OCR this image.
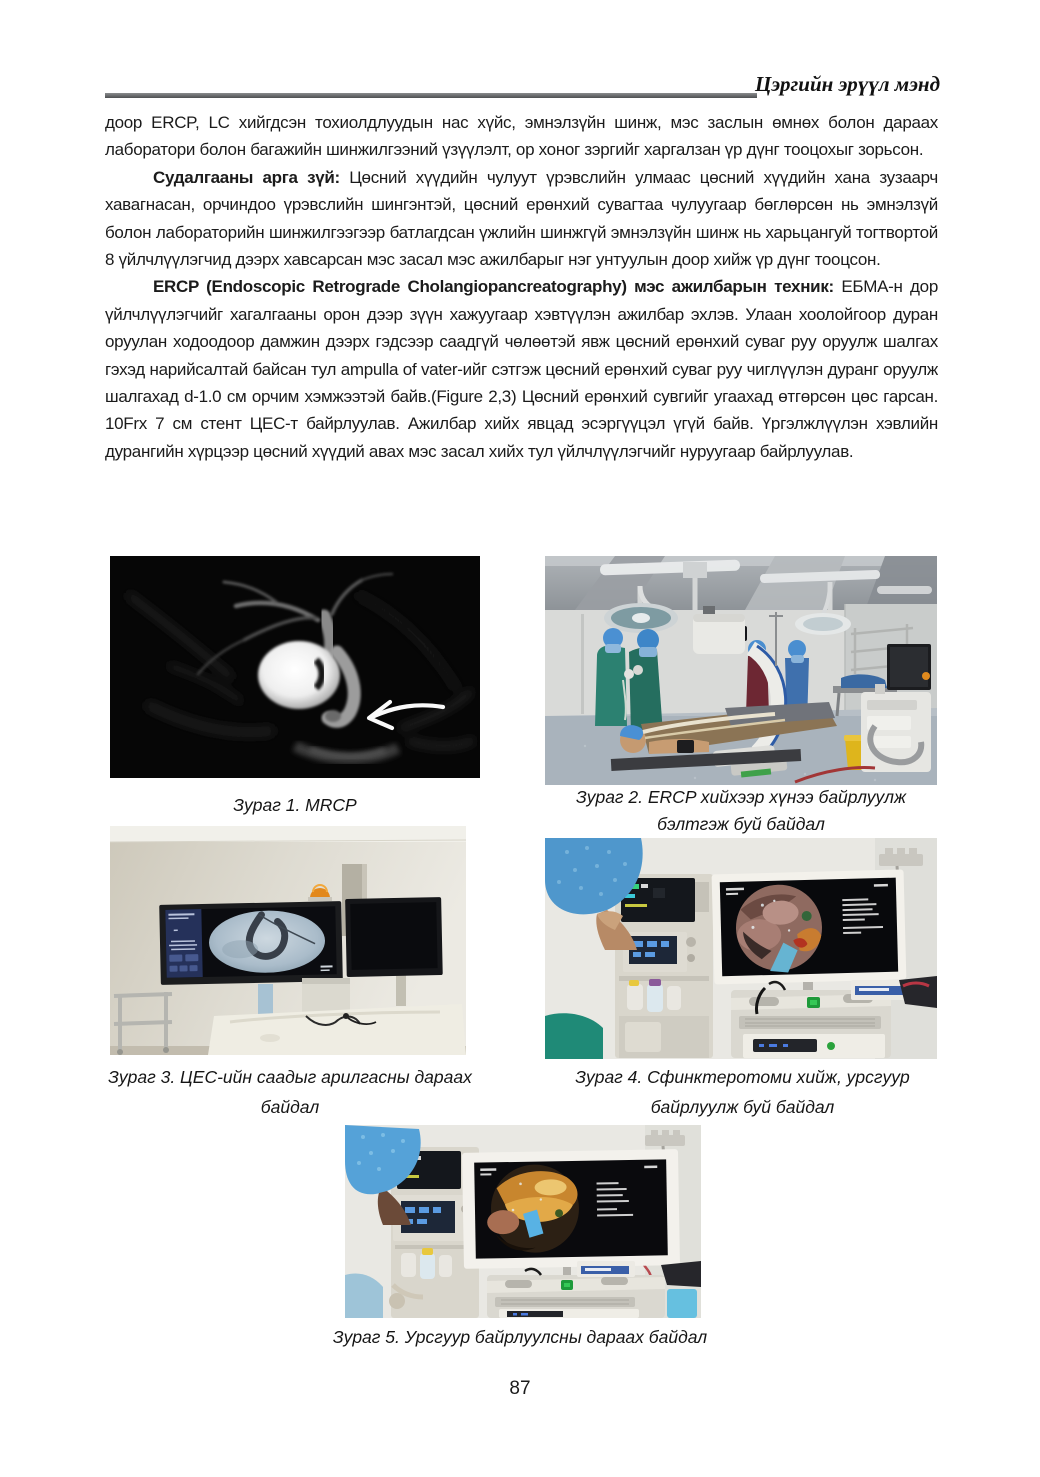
Цэргийн эрүүл мэнд

доор ERCP, LC хийгдсэн тохиолдлуудын нас хүйс, эмнэлзүйн шинж, мэс заслын өмнөх болон дараах лаборатори болон багажийн шинжилгээний үзүүлэлт, ор хоног зэргийг харгалзан үр дүнг тооцохыг зорьсон.

Судалгааны арга зүй: Цөсний хүүдийн чулуут үрэвслийн улмаас цөсний хүүдийн хана зузаарч хавагнасан, орчиндоо үрэвслийн шингэнтэй, цөсний ерөнхий сувагтаа чулуугаар бөглөрсөн нь эмнэлзүй болон лабораторийн шинжилгээгээр батлагдсан үжлийн шинжгүй эмнэлзүйн шинж нь харьцангуй тогтвортой 8 үйлчлүүлэгчид дээрх хавсарсан мэс засал мэс ажилбарыг нэг унтуулын доор хийж үр дүнг тооцсон.

ERCP (Endoscopic Retrograde Cholangiopancreatography) мэс ажилбарын техник: ЕБМА-н дор үйлчлүүлэгчийг хагалгааны орон дээр зүүн хажуугаар хэвтүүлэн ажилбар эхлэв. Улаан хоолойгоор дуран оруулан ходоодоор дамжин дээрх гэдсээр саадгүй чөлөөтэй явж цөсний ерөнхий суваг руу оруулж шалгах гэхэд нарийсалтай байсан тул ampulla of vater-ийг сэтгэж цөсний ерөнхий суваг руу чиглүүлэн дуранг оруулж шалгахад d-1.0 см орчим хэмжээтэй байв.(Figure 2,3) Цөсний ерөнхий сувгийг угаахад өтгөрсөн цөс гарсан. 10Frx 7 см стент ЦЕС-т байрлуулав. Ажилбар хийх явцад эсэргүүцэл үгүй байв. Үргэлжлүүлэн хэвлийн дурангийн хүрцээр цөсний хүүдий авах мэс засал хийх тул үйлчлүүлэгчийг нуруугаар байрлуулав.

Зураг 1. MRCP	Зураг 2. ERCP хийхээр хүнээ байрлуулж
бэлтгэж буй байдал
Зураг 3. ЦЕС-ийн саадыг арилгасны дараах
байдал
Зураг 4. Сфинктеротоми хийж, урсгуур
байрлуулж буй байдал
Зураг 5. Урсгуур байрлуулсны дараах байдал
87
